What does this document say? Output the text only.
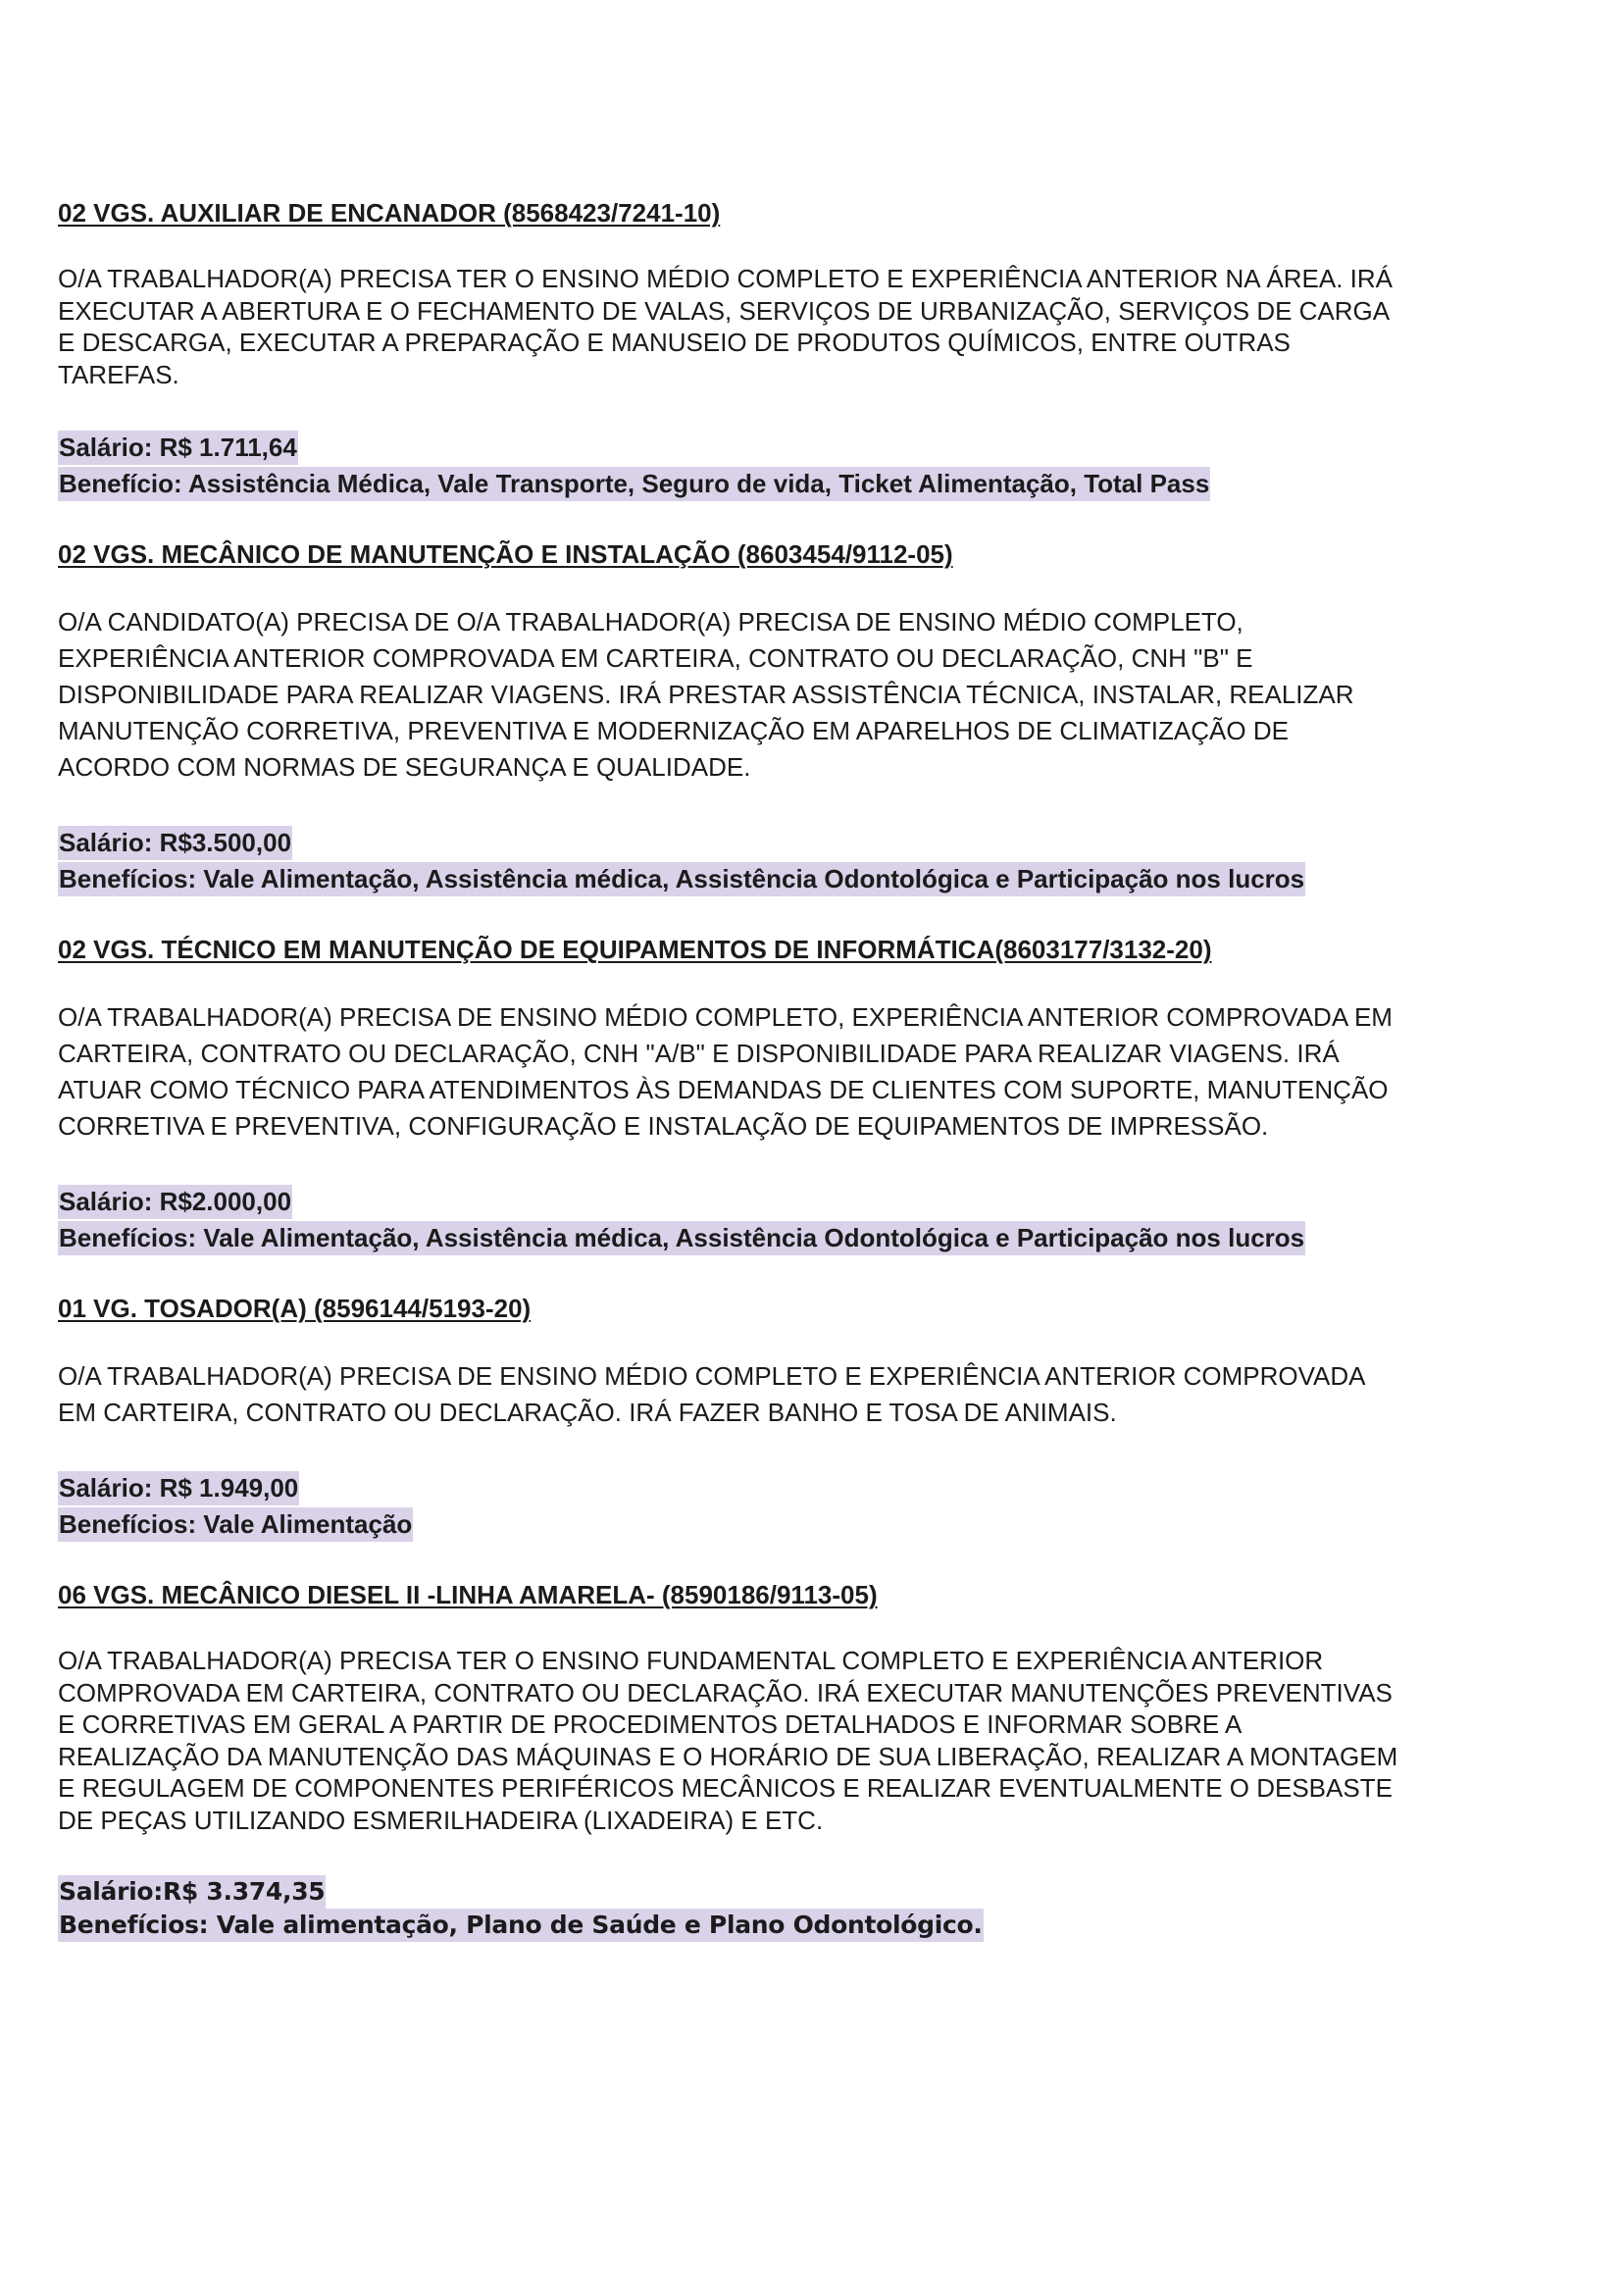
02 VGS. AUXILIAR DE ENCANADOR (8568423/7241-10)
O/A TRABALHADOR(A) PRECISA TER O ENSINO MÉDIO COMPLETO E EXPERIÊNCIA ANTERIOR NA ÁREA. IRÁ
EXECUTAR A ABERTURA E O FECHAMENTO DE VALAS, SERVIÇOS DE URBANIZAÇÃO, SERVIÇOS DE CARGA
E DESCARGA, EXECUTAR A PREPARAÇÃO E MANUSEIO DE PRODUTOS QUÍMICOS, ENTRE OUTRAS
TAREFAS.
Salário: R$ 1.711,64
Benefício: Assistência Médica, Vale Transporte, Seguro de vida, Ticket Alimentação, Total Pass
02 VGS. MECÂNICO DE MANUTENÇÃO E INSTALAÇÃO (8603454/9112-05)
O/A CANDIDATO(A) PRECISA DE O/A TRABALHADOR(A) PRECISA DE ENSINO MÉDIO COMPLETO,
EXPERIÊNCIA ANTERIOR COMPROVADA EM CARTEIRA, CONTRATO OU DECLARAÇÃO, CNH "B" E
DISPONIBILIDADE PARA REALIZAR VIAGENS. IRÁ PRESTAR ASSISTÊNCIA TÉCNICA, INSTALAR, REALIZAR
MANUTENÇÃO CORRETIVA, PREVENTIVA E MODERNIZAÇÃO EM APARELHOS DE CLIMATIZAÇÃO DE
ACORDO COM NORMAS DE SEGURANÇA E QUALIDADE.
Salário: R$3.500,00
Benefícios: Vale Alimentação, Assistência médica, Assistência Odontológica e Participação nos lucros
02 VGS. TÉCNICO EM MANUTENÇÃO DE EQUIPAMENTOS DE INFORMÁTICA(8603177/3132-20)
O/A TRABALHADOR(A) PRECISA DE ENSINO MÉDIO COMPLETO, EXPERIÊNCIA ANTERIOR COMPROVADA EM
CARTEIRA, CONTRATO OU DECLARAÇÃO, CNH "A/B" E DISPONIBILIDADE PARA REALIZAR VIAGENS. IRÁ
ATUAR COMO TÉCNICO PARA ATENDIMENTOS ÀS DEMANDAS DE CLIENTES COM SUPORTE, MANUTENÇÃO
CORRETIVA E PREVENTIVA, CONFIGURAÇÃO E INSTALAÇÃO DE EQUIPAMENTOS DE IMPRESSÃO.
Salário: R$2.000,00
Benefícios: Vale Alimentação, Assistência médica, Assistência Odontológica e Participação nos lucros
01 VG. TOSADOR(A) (8596144/5193-20)
O/A TRABALHADOR(A) PRECISA DE ENSINO MÉDIO COMPLETO E EXPERIÊNCIA ANTERIOR COMPROVADA
EM CARTEIRA, CONTRATO OU DECLARAÇÃO. IRÁ FAZER BANHO E TOSA DE ANIMAIS.
Salário: R$ 1.949,00
Benefícios: Vale Alimentação
06 VGS. MECÂNICO DIESEL II -LINHA AMARELA- (8590186/9113-05)
O/A TRABALHADOR(A) PRECISA TER O ENSINO FUNDAMENTAL COMPLETO E EXPERIÊNCIA ANTERIOR
COMPROVADA EM CARTEIRA, CONTRATO OU DECLARAÇÃO. IRÁ EXECUTAR MANUTENÇÕES PREVENTIVAS
E CORRETIVAS EM GERAL A PARTIR DE PROCEDIMENTOS DETALHADOS E INFORMAR SOBRE A
REALIZAÇÃO DA MANUTENÇÃO DAS MÁQUINAS E O HORÁRIO DE SUA LIBERAÇÃO, REALIZAR A MONTAGEM
E REGULAGEM DE COMPONENTES PERIFÉRICOS MECÂNICOS E REALIZAR EVENTUALMENTE O DESBASTE
DE PEÇAS UTILIZANDO ESMERILHADEIRA (LIXADEIRA) E ETC.
Salário:R$ 3.374,35
Benefícios: Vale alimentação, Plano de Saúde e Plano Odontológico.
